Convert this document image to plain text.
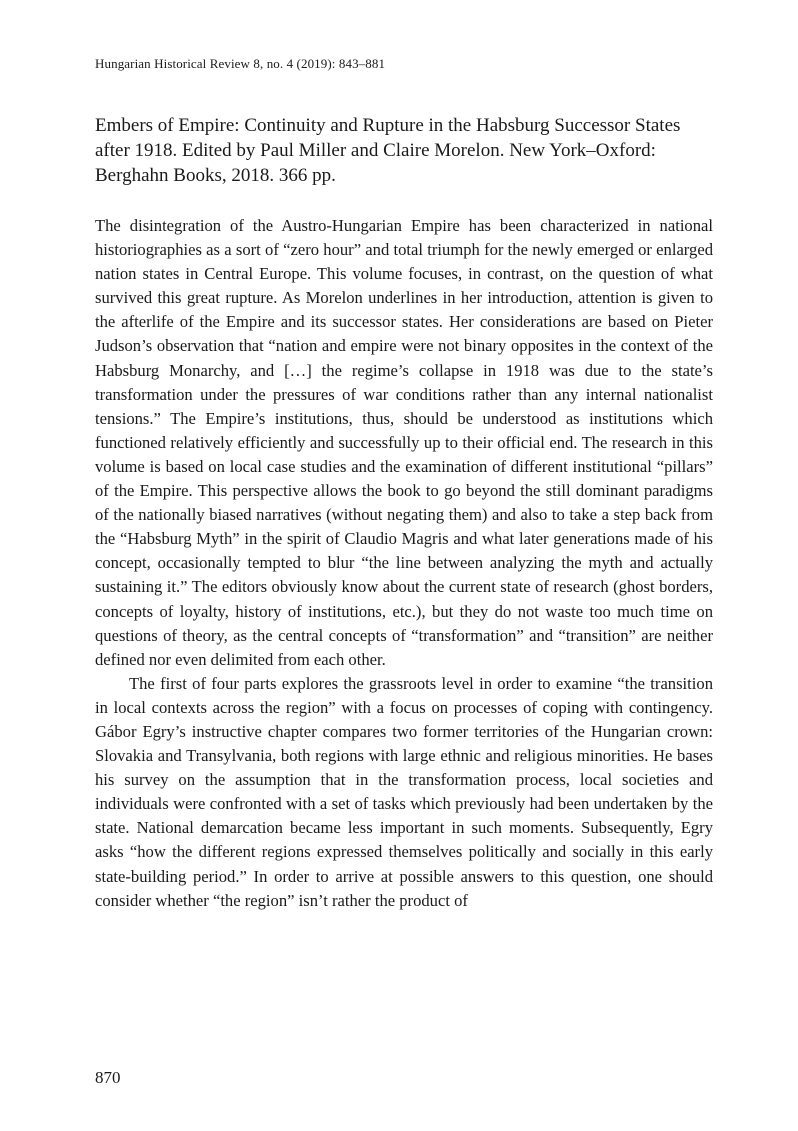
Hungarian Historical Review 8, no. 4 (2019): 843–881
Embers of Empire: Continuity and Rupture in the Habsburg Successor States after 1918. Edited by Paul Miller and Claire Morelon. New York–Oxford: Berghahn Books, 2018. 366 pp.

The disintegration of the Austro-Hungarian Empire has been characterized in national historiographies as a sort of “zero hour” and total triumph for the newly emerged or enlarged nation states in Central Europe. This volume focuses, in contrast, on the question of what survived this great rupture. As Morelon underlines in her introduction, attention is given to the afterlife of the Empire and its successor states. Her considerations are based on Pieter Judson’s observation that “nation and empire were not binary opposites in the context of the Habsburg Monarchy, and […] the regime’s collapse in 1918 was due to the state’s transformation under the pressures of war conditions rather than any internal nationalist tensions.” The Empire’s institutions, thus, should be understood as institutions which functioned relatively efficiently and successfully up to their official end. The research in this volume is based on local case studies and the examination of different institutional “pillars” of the Empire. This perspective allows the book to go beyond the still dominant paradigms of the nationally biased narratives (without negating them) and also to take a step back from the “Habsburg Myth” in the spirit of Claudio Magris and what later generations made of his concept, occasionally tempted to blur “the line between analyzing the myth and actually sustaining it.” The editors obviously know about the current state of research (ghost borders, concepts of loyalty, history of institutions, etc.), but they do not waste too much time on questions of theory, as the central concepts of “transformation” and “transition” are neither defined nor even delimited from each other.

The first of four parts explores the grassroots level in order to examine “the transition in local contexts across the region” with a focus on processes of coping with contingency. Gábor Egry’s instructive chapter compares two former territories of the Hungarian crown: Slovakia and Transylvania, both regions with large ethnic and religious minorities. He bases his survey on the assumption that in the transformation process, local societies and individuals were confronted with a set of tasks which previously had been undertaken by the state. National demarcation became less important in such moments. Subsequently, Egry asks “how the different regions expressed themselves politically and socially in this early state-building period.” In order to arrive at possible answers to this question, one should consider whether “the region” isn’t rather the product of

870
